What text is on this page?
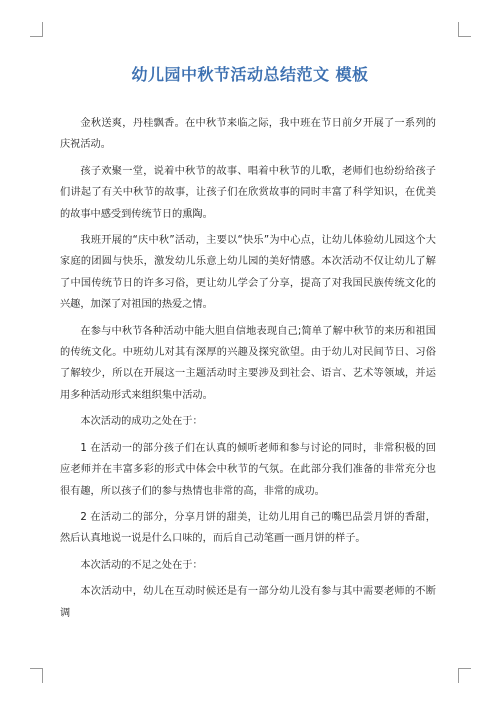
幼儿园中秋节活动总结范文 模板

金秋送爽，丹桂飘香。在中秋节来临之际，我中班在节日前夕开展了一系列的庆祝活动。

孩子欢聚一堂，说着中秋节的故事、唱着中秋节的儿歌，老师们也纷纷给孩子们讲起了有关中秋节的故事，让孩子们在欣赏故事的同时丰富了科学知识，在优美的故事中感受到传统节日的熏陶。

我班开展的“庆中秋”活动，主要以“快乐”为中心点，让幼儿体验幼儿园这个大家庭的团圆与快乐，激发幼儿乐意上幼儿园的美好情感。本次活动不仅让幼儿了解了中国传统节日的许多习俗，更让幼儿学会了分享，提高了对我国民族传统文化的兴趣，加深了对祖国的热爱之情。

在参与中秋节各种活动中能大胆自信地表现自己;简单了解中秋节的来历和祖国的传统文化。中班幼儿对其有深厚的兴趣及探究欲望。由于幼儿对民间节日、习俗了解较少，所以在开展这一主题活动时主要涉及到社会、语言、艺术等领域，并运用多种活动形式来组织集中活动。

本次活动的成功之处在于：

1 在活动一的部分孩子们在认真的倾听老师和参与讨论的同时，非常积极的回应老师并在丰富多彩的形式中体会中秋节的气氛。在此部分我们准备的非常充分也很有趣，所以孩子们的参与热情也非常的高，非常的成功。

2 在活动二的部分，分享月饼的甜美，让幼儿用自己的嘴巴品尝月饼的香甜，然后认真地说一说是什么口味的，而后自己动笔画一画月饼的样子。

本次活动的不足之处在于：

本次活动中，幼儿在互动时候还是有一部分幼儿没有参与其中需要老师的不断调
